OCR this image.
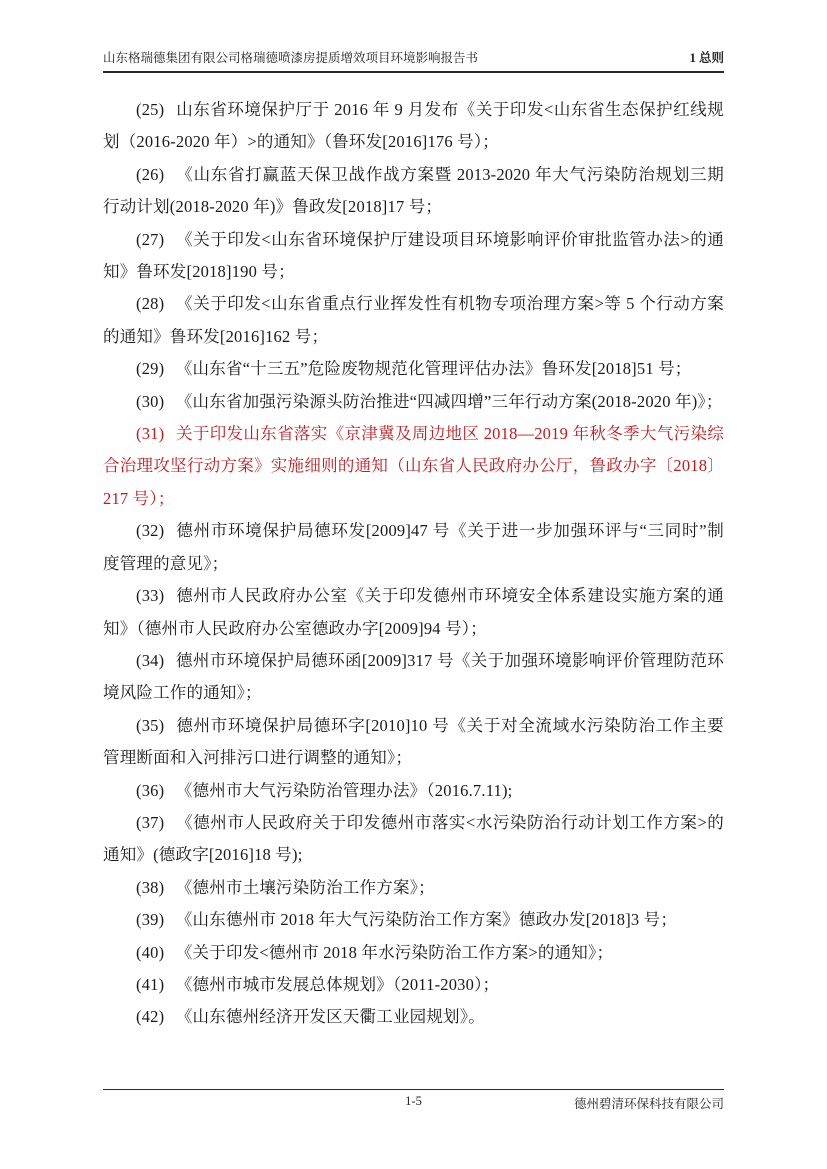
山东格瑞德集团有限公司格瑞德喷漆房提质增效项目环境影响报告书	1 总则

(25) 山东省环境保护厅于 2016 年 9 月发布《关于印发<山东省生态保护红线规划（2016-2020 年）>的通知》（鲁环发[2016]176 号）；

(26) 《山东省打赢蓝天保卫战作战方案暨 2013-2020 年大气污染防治规划三期行动计划(2018-2020 年)》鲁政发[2018]17 号；

(27) 《关于印发<山东省环境保护厅建设项目环境影响评价审批监管办法>的通知》鲁环发[2018]190 号；

(28) 《关于印发<山东省重点行业挥发性有机物专项治理方案>等 5 个行动方案的通知》鲁环发[2016]162 号；

(29) 《山东省“十三五”危险废物规范化管理评估办法》鲁环发[2018]51 号；

(30) 《山东省加强污染源头防治推进“四减四增”三年行动方案(2018-2020 年)》；

(31) 关于印发山东省落实《京津冀及周边地区 2018—2019 年秋冬季大气污染综合治理攻坚行动方案》实施细则的通知（山东省人民政府办公厅，鲁政办字〔2018〕217 号）；

(32) 德州市环境保护局德环发[2009]47 号《关于进一步加强环评与“三同时”制度管理的意见》；

(33) 德州市人民政府办公室《关于印发德州市环境安全体系建设实施方案的通知》（德州市人民政府办公室德政办字[2009]94 号）；

(34) 德州市环境保护局德环函[2009]317 号《关于加强环境影响评价管理防范环境风险工作的通知》；

(35) 德州市环境保护局德环字[2010]10 号《关于对全流域水污染防治工作主要管理断面和入河排污口进行调整的通知》；

(36) 《德州市大气污染防治管理办法》（2016.7.11);

(37) 《德州市人民政府关于印发德州市落实<水污染防治行动计划工作方案>的通知》(德政字[2016]18 号);

(38) 《德州市土壤污染防治工作方案》；

(39) 《山东德州市 2018 年大气污染防治工作方案》德政办发[2018]3 号；

(40) 《关于印发<德州市 2018 年水污染防治工作方案>的通知》；

(41) 《德州市城市发展总体规划》（2011-2030）；

(42) 《山东德州经济开发区天衢工业园规划》。

1-5	德州碧清环保科技有限公司
